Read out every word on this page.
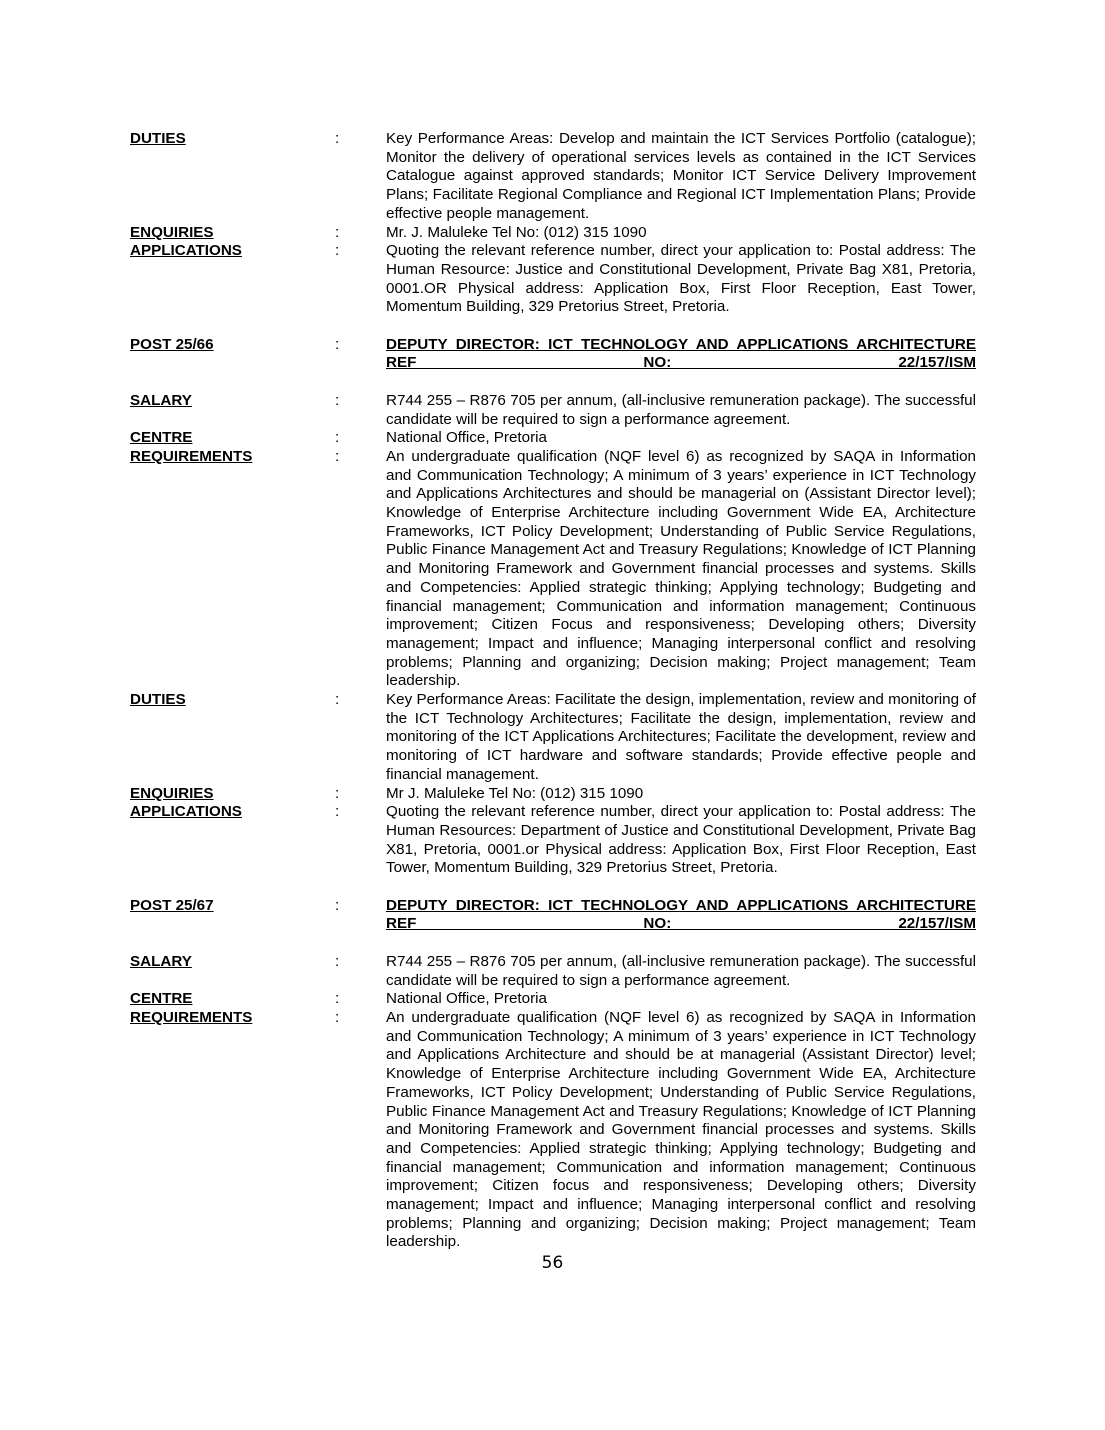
DUTIES	:	Key Performance Areas: Develop and maintain the ICT Services Portfolio (catalogue); Monitor the delivery of operational services levels as contained in the ICT Services Catalogue against approved standards; Monitor ICT Service Delivery Improvement Plans; Facilitate Regional Compliance and Regional ICT Implementation Plans; Provide effective people management.
ENQUIRIES	:	Mr. J. Maluleke Tel No: (012) 315 1090
APPLICATIONS	:	Quoting the relevant reference number, direct your application to: Postal address: The Human Resource: Justice and Constitutional Development, Private Bag X81, Pretoria, 0001.OR Physical address: Application Box, First Floor Reception, East Tower, Momentum Building, 329 Pretorius Street, Pretoria.
POST 25/66	:	DEPUTY DIRECTOR: ICT TECHNOLOGY AND APPLICATIONS ARCHITECTURE REF NO: 22/157/ISM
SALARY	:	R744 255 – R876 705 per annum, (all-inclusive remuneration package). The successful candidate will be required to sign a performance agreement.
CENTRE	:	National Office, Pretoria
REQUIREMENTS	:	An undergraduate qualification (NQF level 6) as recognized by SAQA in Information and Communication Technology; A minimum of 3 years’ experience in ICT Technology and Applications Architectures and should be managerial on (Assistant Director level); Knowledge of Enterprise Architecture including Government Wide EA, Architecture Frameworks, ICT Policy Development; Understanding of Public Service Regulations, Public Finance Management Act and Treasury Regulations; Knowledge of ICT Planning and Monitoring Framework and Government financial processes and systems. Skills and Competencies: Applied strategic thinking; Applying technology; Budgeting and financial management; Communication and information management; Continuous improvement; Citizen Focus and responsiveness; Developing others; Diversity management; Impact and influence; Managing interpersonal conflict and resolving problems; Planning and organizing; Decision making; Project management; Team leadership.
DUTIES	:	Key Performance Areas: Facilitate the design, implementation, review and monitoring of the ICT Technology Architectures; Facilitate the design, implementation, review and monitoring of the ICT Applications Architectures; Facilitate the development, review and monitoring of ICT hardware and software standards; Provide effective people and financial management.
ENQUIRIES	:	Mr J. Maluleke Tel No: (012) 315 1090
APPLICATIONS	:	Quoting the relevant reference number, direct your application to: Postal address: The Human Resources: Department of Justice and Constitutional Development, Private Bag X81, Pretoria, 0001.or Physical address: Application Box, First Floor Reception, East Tower, Momentum Building, 329 Pretorius Street, Pretoria.
POST 25/67	:	DEPUTY DIRECTOR: ICT TECHNOLOGY AND APPLICATIONS ARCHITECTURE REF NO: 22/157/ISM
SALARY	:	R744 255 – R876 705 per annum, (all-inclusive remuneration package). The successful candidate will be required to sign a performance agreement.
CENTRE	:	National Office, Pretoria
REQUIREMENTS	:	An undergraduate qualification (NQF level 6) as recognized by SAQA in Information and Communication Technology; A minimum of 3 years’ experience in ICT Technology and Applications Architecture and should be at managerial (Assistant Director) level; Knowledge of Enterprise Architecture including Government Wide EA, Architecture Frameworks, ICT Policy Development; Understanding of Public Service Regulations, Public Finance Management Act and Treasury Regulations; Knowledge of ICT Planning and Monitoring Framework and Government financial processes and systems. Skills and Competencies: Applied strategic thinking; Applying technology; Budgeting and financial management; Communication and information management; Continuous improvement; Citizen focus and responsiveness; Developing others; Diversity management; Impact and influence; Managing interpersonal conflict and resolving problems; Planning and organizing; Decision making; Project management; Team leadership.
56
